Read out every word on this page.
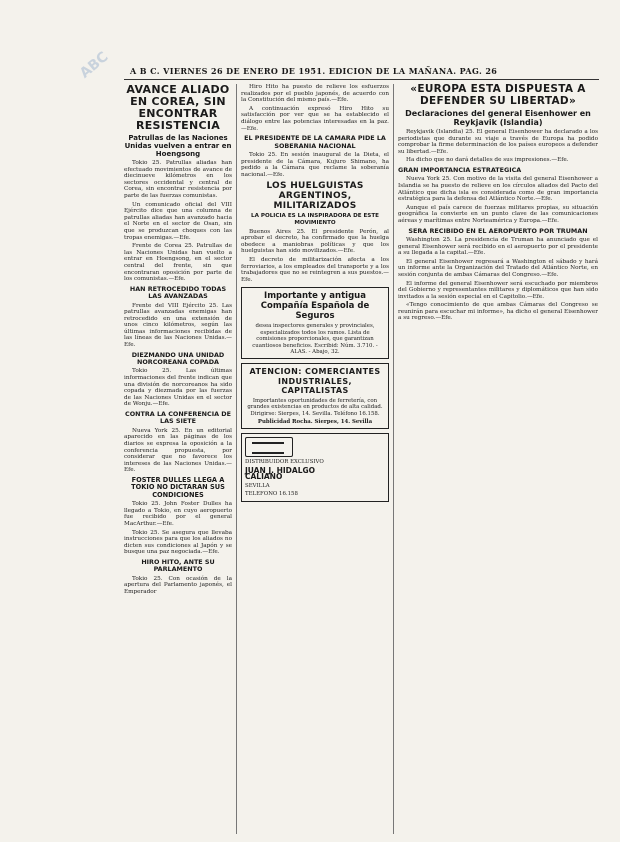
ABC	A B C. VIERNES 26 DE ENERO DE 1951. EDICION DE LA MAÑANA. PAG. 26
AVANCE ALIADO EN COREA, SIN ENCONTRAR RESISTENCIA
Patrullas de las Naciones Unidas vuelven a entrar en Hoengsong

Tokio 25. Patrullas aliadas han efectuado movimientos de avance de diecinueve kilómetros en los sectores occidental y central de Corea, sin encontrar resistencia por parte de las fuerzas comunistas.

Un comunicado oficial del VIII Ejército dice que una columna de patrullas aliadas han avanzado hacia el Norte en el sector de Osan, sin que se produzcan choques con las tropas enemigas.—Efe.

Frente de Corea 25. Patrullas de las Naciones Unidas han vuelto a entrar en Hoengsong, en el sector central del frente, sin que encontraran oposición por parte de los comunistas.—Efe.

HAN RETROCEDIDO TODAS LAS AVANZADAS

Frente del VIII Ejército 25. Las patrullas avanzadas enemigas han retrocedido en una extensión de unos cinco kilómetros, según las últimas informaciones recibidas de las líneas de las Naciones Unidas.—Efe.

DIEZMANDO UNA UNIDAD NORCOREANA COPADA

Tokio 25. Las últimas informaciones del frente indican que una división de norcoreanos ha sido copada y diezmada por las fuerzas de las Naciones Unidas en el sector de Wonju.—Efe.

CONTRA LA CONFERENCIA DE LAS SIETE

Nueva York 25. En un editorial aparecido en las páginas de los diarios se expresa la oposición a la conferencia propuesta, por considerar que no favorece los intereses de las Naciones Unidas.—Efe.

FOSTER DULLES LLEGA A TOKIO NO DICTARAN SUS CONDICIONES

Tokio 25. John Foster Dulles ha llegado a Tokio, en cuyo aeropuerto fue recibido por el general MacArthur.—Efe.

Tokio 25. Se asegura que llevaba instrucciones para que los aliados no dicten sus condiciones al Japón y se busque una paz negociada.—Efe.

HIRO HITO, ANTE SU PARLAMENTO

Tokio 25. Con ocasión de la apertura del Parlamento japonés, el Emperador

Hiro Hito ha puesto de relieve los esfuerzos realizados por el pueblo japonés, de acuerdo con la Constitución del mismo país.—Efe.

A continuación expresó Hiro Hito su satisfacción por ver que se ha establecido el diálogo entre las potencias interesadas en la paz.—Efe.

EL PRESIDENTE DE LA CAMARA PIDE LA SOBERANIA NACIONAL

Tokio 25. En sesión inaugural de la Dieta, el presidente de la Cámara, Kujuro Shimano, ha pedido a la Cámara que reclame la soberanía nacional.—Efe.

LOS HUELGUISTAS ARGENTINOS, MILITARIZADOS
LA POLICIA ES LA INSPIRADORA DE ESTE MOVIMIENTO

Buenos Aires 25. El presidente Perón, al aprobar el decreto, ha confirmado que la huelga obedece a maniobras políticas y que los huelguistas han sido movilizados.—Efe.

El decreto de militarización afecta a los ferroviarios, a los empleados del transporte y a los trabajadores que no se reintegren a sus puestos.—Efe.

Importante y antigua Compañía Española de Seguros
desea inspectores generales y provinciales, especializados todos los ramos. Lista de comisiones proporcionales, que garantizan cuantiosos beneficios. Escribid: Núm. 3.710. - ALAS. - Abajo, 32.
ATENCION: COMERCIANTES INDUSTRIALES, CAPITALISTAS
Importantes oportunidades de ferretería, con grandes existencias en productos de alta calidad. Dirigirse: Sierpes, 14. Sevilla. Teléfono 16.158.
Publicidad Rocha. Sierpes, 14. Sevilla

DISTRIBUIDOR EXCLUSIVO
JUAN J. HIDALGO CALIANO
SEVILLA
TELEFONO 16.158
«EUROPA ESTA DISPUESTA A DEFENDER SU LIBERTAD»
Declaraciones del general Eisenhower en Reykjavik (Islandia)

Reykjavik (Islandia) 25. El general Eisenhower ha declarado a los periodistas que durante su viaje a través de Europa ha podido comprobar la firme determinación de los países europeos a defender su libertad.—Efe.

Ha dicho que no dará detalles de sus impresiones.—Efe.

GRAN IMPORTANCIA ESTRATEGICA

Nueva York 25. Con motivo de la visita del general Eisenhower a Islandia se ha puesto de relieve en los círculos aliados del Pacto del Atlántico que dicha isla es considerada como de gran importancia estratégica para la defensa del Atlántico Norte.—Efe.

Aunque el país carece de fuerzas militares propias, su situación geográfica la convierte en un punto clave de las comunicaciones aéreas y marítimas entre Norteamérica y Europa.—Efe.

SERA RECIBIDO EN EL AEROPUERTO POR TRUMAN

Washington 25. La presidencia de Truman ha anunciado que el general Eisenhower será recibido en el aeropuerto por el presidente a su llegada a la capital.—Efe.

El general Eisenhower regresará a Washington el sábado y hará un informe ante la Organización del Tratado del Atlántico Norte, en sesión conjunta de ambas Cámaras del Congreso.—Efe.

El informe del general Eisenhower será escuchado por miembros del Gobierno y representantes militares y diplomáticos que han sido invitados a la sesión especial en el Capitolio.—Efe.

«Tengo conocimiento de que ambas Cámaras del Congreso se reunirán para escuchar mi informe», ha dicho el general Eisenhower a su regreso.—Efe.
